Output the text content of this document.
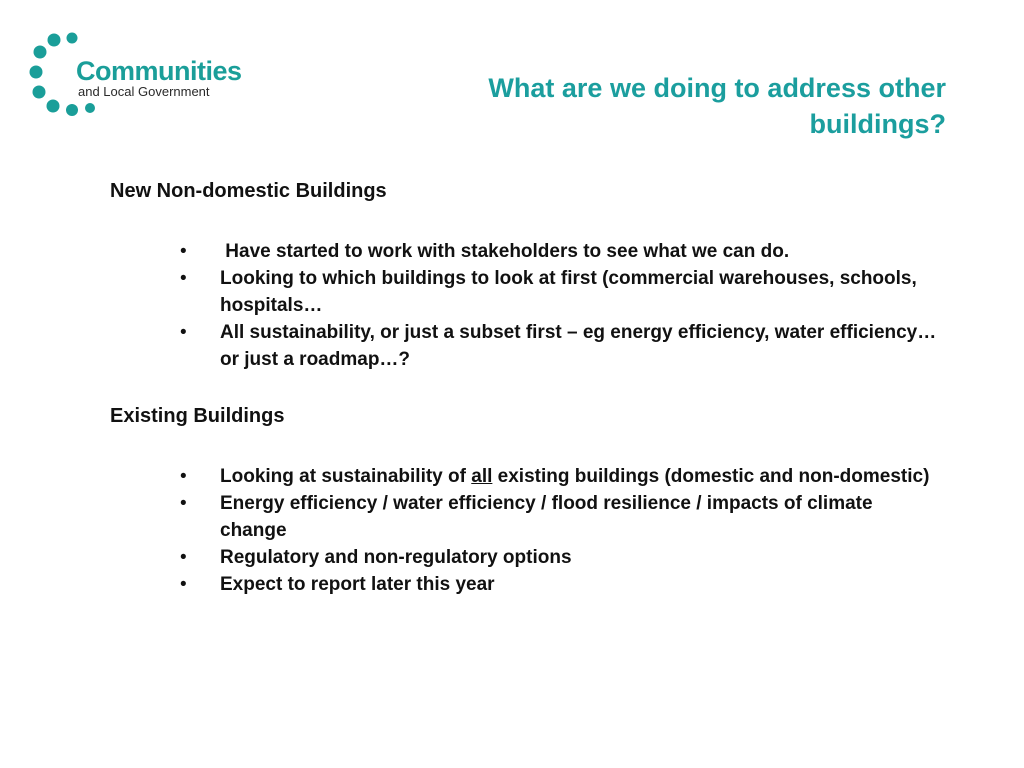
Communities
and Local Government	What are we doing to address other buildings?
New Non-domestic Buildings
• Have started to work with stakeholders to see what we can do.
• Looking to which buildings to look at first (commercial warehouses, schools, hospitals…
• All sustainability, or just a subset first – eg energy efficiency, water efficiency… or just a roadmap…?
Existing Buildings
• Looking at sustainability of all existing buildings (domestic and non-domestic)
• Energy efficiency / water efficiency / flood resilience / impacts of climate change
• Regulatory and non-regulatory options
• Expect to report later this year
